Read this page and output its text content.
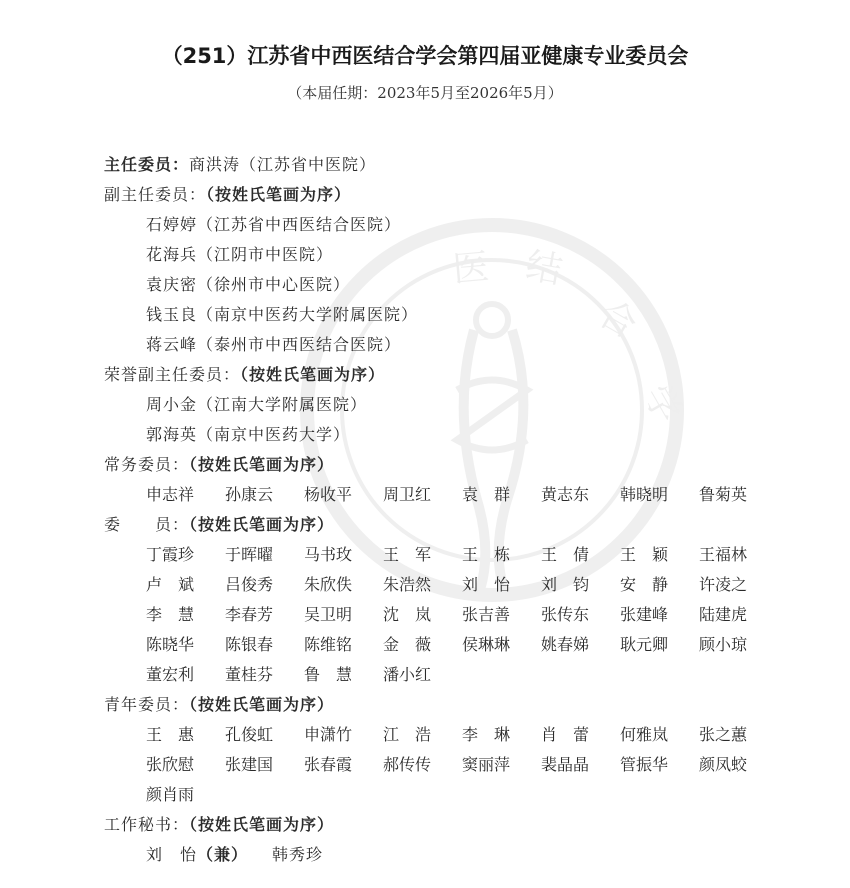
合
学
结
医
（251）江苏省中西医结合学会第四届亚健康专业委员会
（本届任期：2023年5月至2026年5月）
主任委员：商洪涛（江苏省中医院）
副主任委员：（按姓氏笔画为序）
石婷婷（江苏省中西医结合医院）
花海兵（江阴市中医院）
袁庆密（徐州市中心医院）
钱玉良（南京中医药大学附属医院）
蒋云峰（泰州市中西医结合医院）
荣誉副主任委员：（按姓氏笔画为序）
周小金（江南大学附属医院）
郭海英（南京中医药大学）
常务委员：（按姓氏笔画为序）
申志祥 孙康云 杨收平 周卫红 袁　群 黄志东 韩晓明 鲁菊英
委　　员：（按姓氏笔画为序）
丁霞珍 于晖曜 马书玫 王　军 王　栋 王　倩 王　颖 王福林
卢　斌 吕俊秀 朱欣佚 朱浩然 刘　怡 刘　钧 安　静 许凌之
李　慧 李春芳 吴卫明 沈　岚 张吉善 张传东 张建峰 陆建虎
陈晓华 陈银春 陈维铭 金　薇 侯琳琳 姚春娣 耿元卿 顾小琼
董宏利 董桂芬 鲁　慧 潘小红
青年委员：（按姓氏笔画为序）
王　惠 孔俊虹 申潇竹 江　浩 李　琳 肖　蕾 何雅岚 张之蕙
张欣慰 张建国 张春霞 郝传传 窦丽萍 裴晶晶 管振华 颜凤蛟
颜肖雨
工作秘书：（按姓氏笔画为序）
刘　怡（兼） 韩秀珍
